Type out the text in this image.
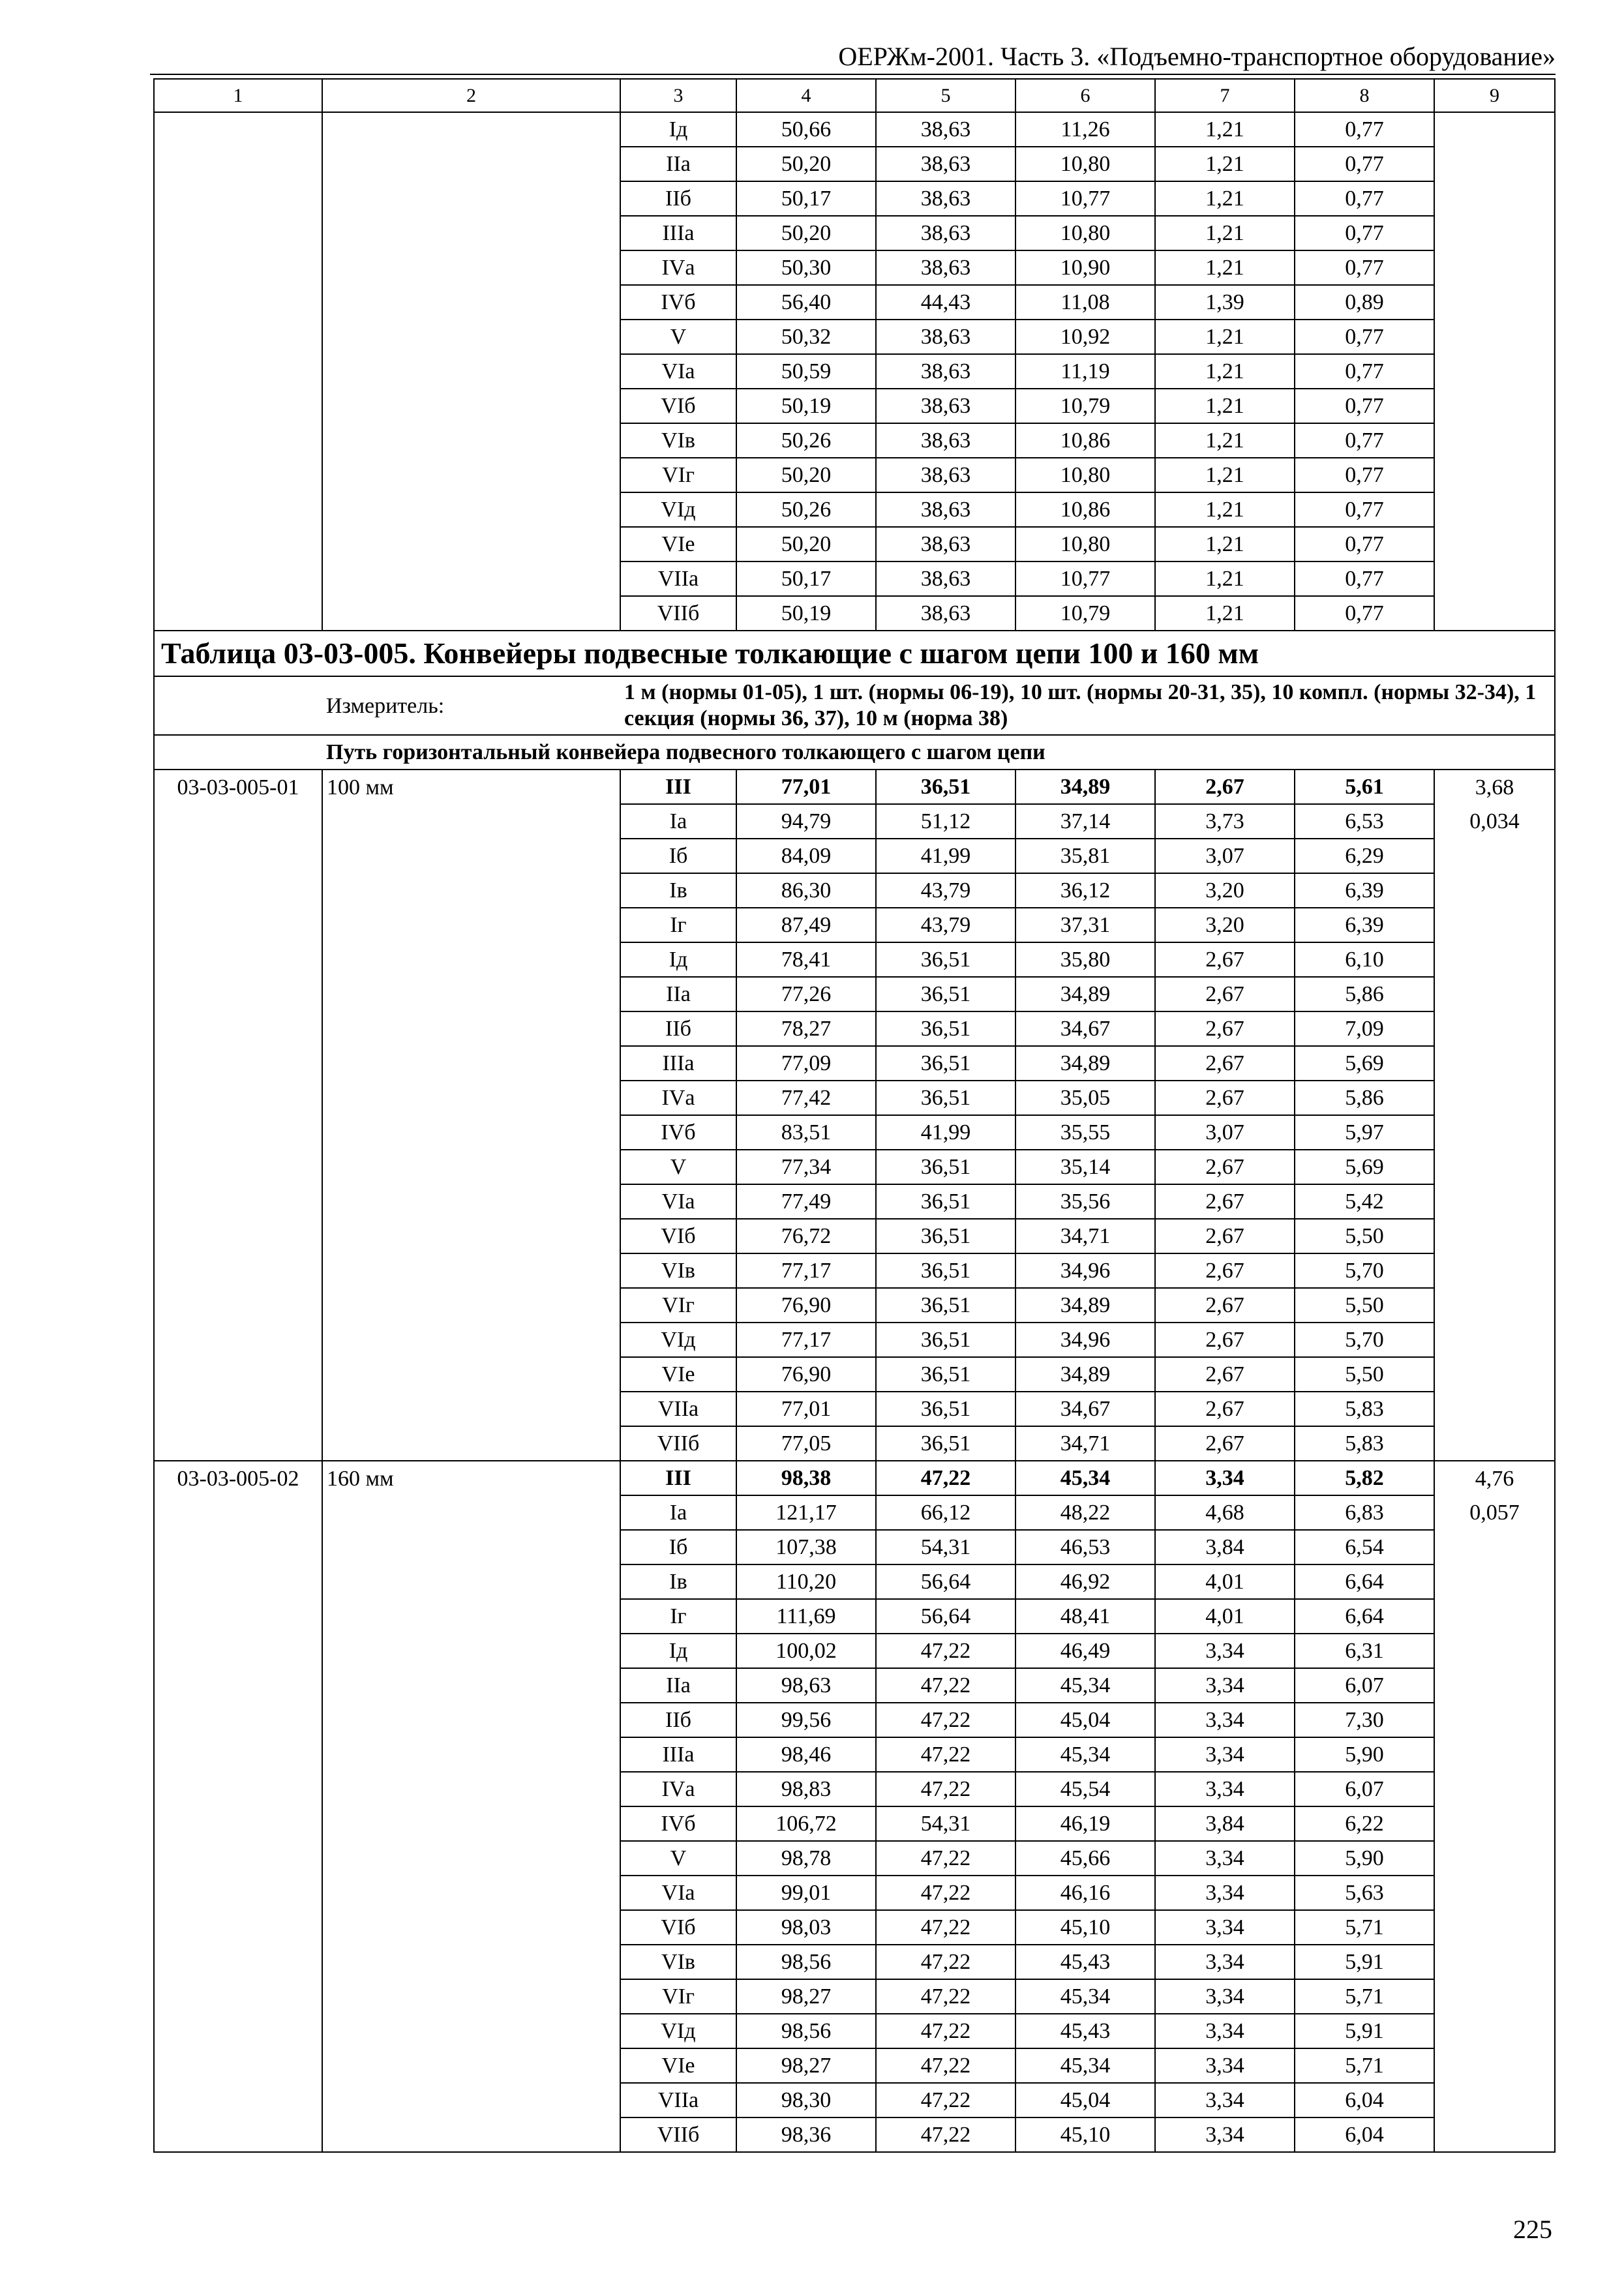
ОЕРЖм-2001. Часть 3. «Подъемно-транспортное оборудование»
1	2	3	4	5	6	7	8	9
		Iд	50,66	38,63	11,26	1,21	0,77	
		IIа	50,20	38,63	10,80	1,21	0,77	
		IIб	50,17	38,63	10,77	1,21	0,77	
		IIIа	50,20	38,63	10,80	1,21	0,77	
		IVа	50,30	38,63	10,90	1,21	0,77	
		IVб	56,40	44,43	11,08	1,39	0,89	
		V	50,32	38,63	10,92	1,21	0,77	
		VIа	50,59	38,63	11,19	1,21	0,77	
		VIб	50,19	38,63	10,79	1,21	0,77	
		VIв	50,26	38,63	10,86	1,21	0,77	
		VIг	50,20	38,63	10,80	1,21	0,77	
		VIд	50,26	38,63	10,86	1,21	0,77	
		VIе	50,20	38,63	10,80	1,21	0,77	
		VIIа	50,17	38,63	10,77	1,21	0,77	
		VIIб	50,19	38,63	10,79	1,21	0,77	
Таблица 03-03-005. Конвейеры подвесные толкающие с шагом цепи 100 и 160 мм								
	Измеритель:	1 м (нормы 01-05), 1 шт. (нормы 06-19), 10 шт. (нормы 20-31, 35), 10 компл. (нормы 32-34), 1 секция (нормы 36, 37), 10 м (норма 38)						
	Путь горизонтальный конвейера подвесного толкающего с шагом цепи							
03-03-005-01	100 мм	III	77,01	36,51	34,89	2,67	5,61	3,68
		Iа	94,79	51,12	37,14	3,73	6,53	0,034
		Iб	84,09	41,99	35,81	3,07	6,29	
		Iв	86,30	43,79	36,12	3,20	6,39	
		Iг	87,49	43,79	37,31	3,20	6,39	
		Iд	78,41	36,51	35,80	2,67	6,10	
		IIа	77,26	36,51	34,89	2,67	5,86	
		IIб	78,27	36,51	34,67	2,67	7,09	
		IIIа	77,09	36,51	34,89	2,67	5,69	
		IVа	77,42	36,51	35,05	2,67	5,86	
		IVб	83,51	41,99	35,55	3,07	5,97	
		V	77,34	36,51	35,14	2,67	5,69	
		VIа	77,49	36,51	35,56	2,67	5,42	
		VIб	76,72	36,51	34,71	2,67	5,50	
		VIв	77,17	36,51	34,96	2,67	5,70	
		VIг	76,90	36,51	34,89	2,67	5,50	
		VIд	77,17	36,51	34,96	2,67	5,70	
		VIе	76,90	36,51	34,89	2,67	5,50	
		VIIа	77,01	36,51	34,67	2,67	5,83	
		VIIб	77,05	36,51	34,71	2,67	5,83	
03-03-005-02	160 мм	III	98,38	47,22	45,34	3,34	5,82	4,76
		Iа	121,17	66,12	48,22	4,68	6,83	0,057
		Iб	107,38	54,31	46,53	3,84	6,54	
		Iв	110,20	56,64	46,92	4,01	6,64	
		Iг	111,69	56,64	48,41	4,01	6,64	
		Iд	100,02	47,22	46,49	3,34	6,31	
		IIа	98,63	47,22	45,34	3,34	6,07	
		IIб	99,56	47,22	45,04	3,34	7,30	
		IIIа	98,46	47,22	45,34	3,34	5,90	
		IVа	98,83	47,22	45,54	3,34	6,07	
		IVб	106,72	54,31	46,19	3,84	6,22	
		V	98,78	47,22	45,66	3,34	5,90	
		VIа	99,01	47,22	46,16	3,34	5,63	
		VIб	98,03	47,22	45,10	3,34	5,71	
		VIв	98,56	47,22	45,43	3,34	5,91	
		VIг	98,27	47,22	45,34	3,34	5,71	
		VIд	98,56	47,22	45,43	3,34	5,91	
		VIе	98,27	47,22	45,34	3,34	5,71	
		VIIа	98,30	47,22	45,04	3,34	6,04	
		VIIб	98,36	47,22	45,10	3,34	6,04	
225
